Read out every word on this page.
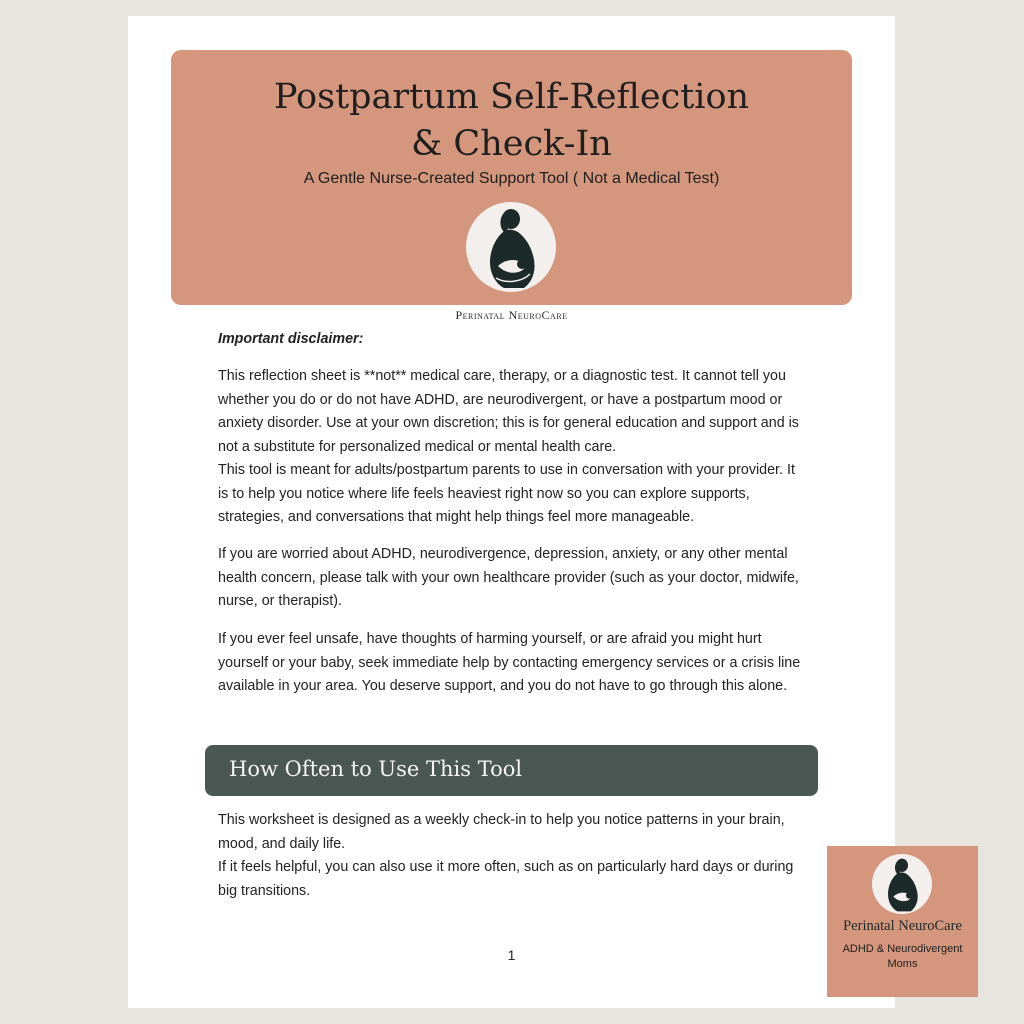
Postpartum Self-Reflection
& Check-In
A Gentle Nurse-Created Support Tool ( Not a Medical Test)
Perinatal NeuroCare
Important disclaimer:

This reflection sheet is **not** medical care, therapy, or a diagnostic test. It cannot tell you whether you do or do not have ADHD, are neurodivergent, or have a postpartum mood or anxiety disorder. Use at your own discretion; this is for general education and support and is not a substitute for personalized medical or mental health care.

This tool is meant for adults/postpartum parents to use in conversation with your provider. It is to help you notice where life feels heaviest right now so you can explore supports, strategies, and conversations that might help things feel more manageable.

If you are worried about ADHD, neurodivergence, depression, anxiety, or any other mental health concern, please talk with your own healthcare provider (such as your doctor, midwife, nurse, or therapist).

If you ever feel unsafe, have thoughts of harming yourself, or are afraid you might hurt yourself or your baby, seek immediate help by contacting emergency services or a crisis line available in your area. You deserve support, and you do not have to go through this alone.

How Often to Use This Tool

This worksheet is designed as a weekly check-in to help you notice patterns in your brain, mood, and daily life.

If it feels helpful, you can also use it more often, such as on particularly hard days or during big transitions.

1
Perinatal NeuroCare
ADHD & Neurodivergent Moms
